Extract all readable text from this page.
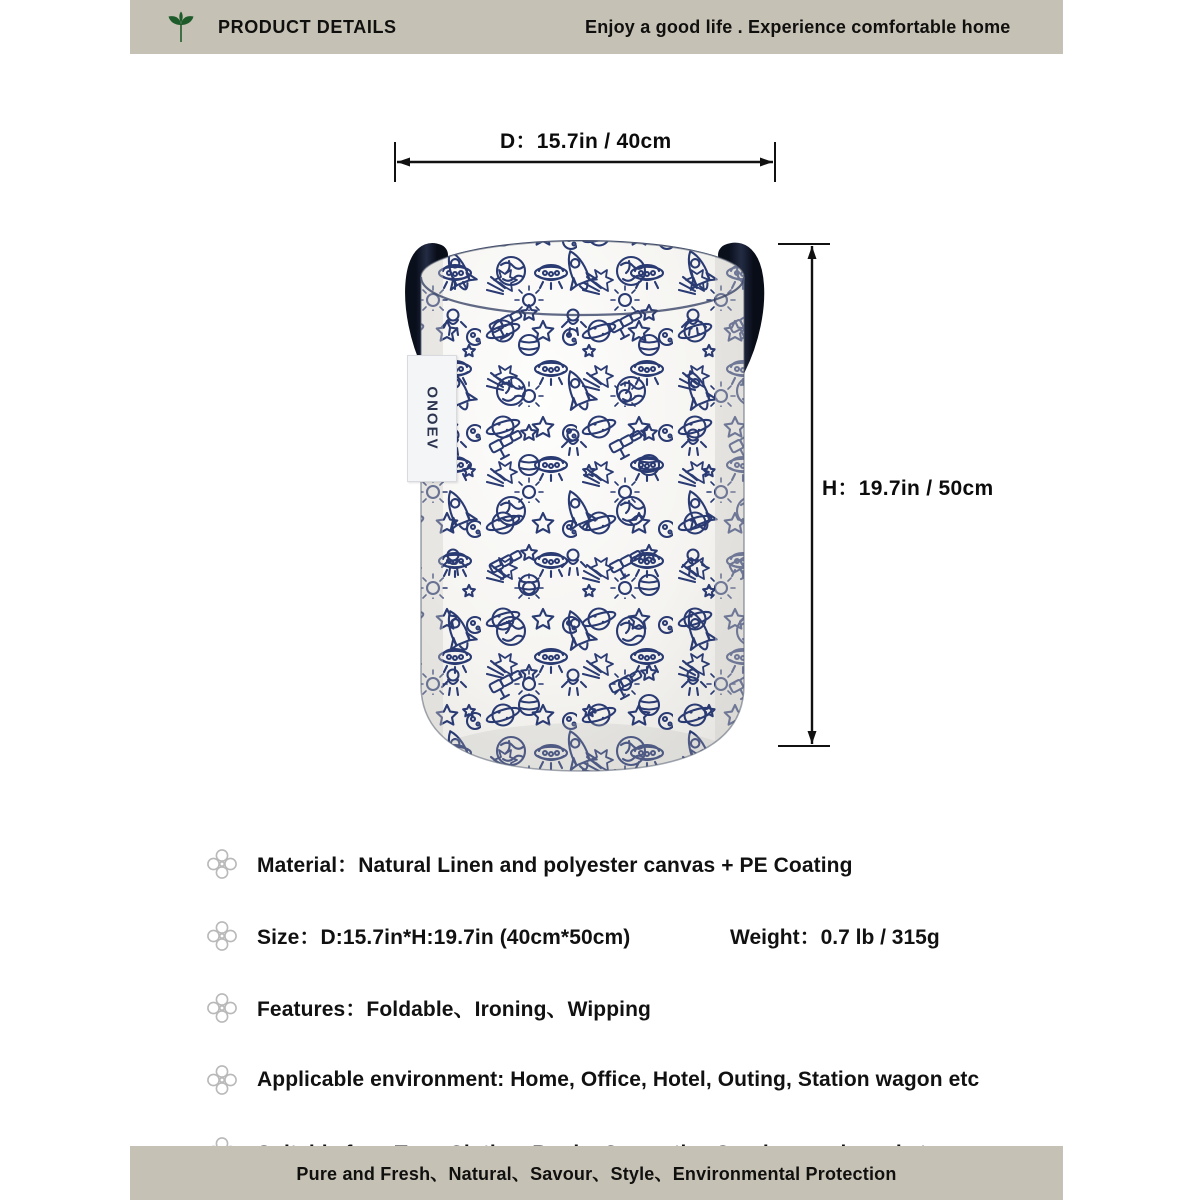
PRODUCT DETAILS	Enjoy a good life . Experience comfortable home
D：15.7in / 40cm
H：19.7in / 50cm
ONOEV
Material：Natural Linen and polyester canvas + PE Coating
Size：D:15.7in*H:19.7in (40cm*50cm)	Weight：0.7 lb / 315g
Features：Foldable、Ironing、Wipping
Applicable environment: Home, Office, Hotel, Outing, Station wagon etc
Pure and Fresh、Natural、Savour、Style、Environmental Protection
